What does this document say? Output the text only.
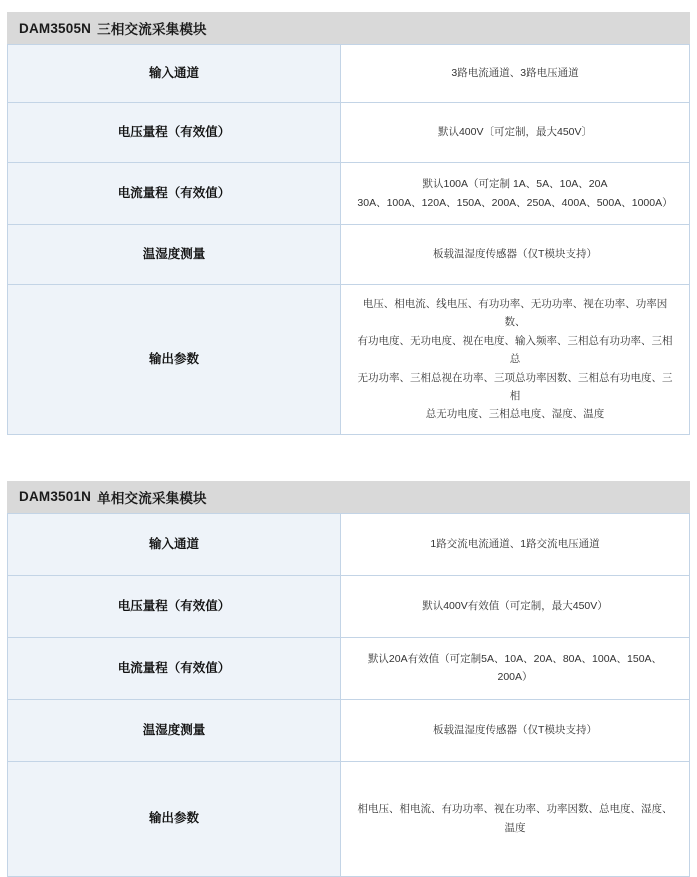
DAM3505N 三相交流采集模块
输入通道	3路电流通道、3路电压通道

电压量程（有效值）	默认400V〔可定制，最大450V〕

电流量程（有效值）	默认100A（可定制 1A、5A、10A、20A
30A、100A、120A、150A、200A、250A、400A、500A、1000A）

温湿度测量	板载温湿度传感器（仅T模块支持）

输出参数	电压、相电流、线电压、有功功率、无功功率、视在功率、功率因数、
有功电度、无功电度、视在电度、输入频率、三相总有功功率、三相总
无功功率、三相总视在功率、三项总功率因数、三相总有功电度、三相
总无功电度、三相总电度、湿度、温度
DAM3501N 单相交流采集模块
输入通道	1路交流电流通道、1路交流电压通道

电压量程（有效值）	默认400V有效值（可定制，最大450V）

电流量程（有效值）	默认20A有效值（可定制5A、10A、20A、80A、100A、150A、200A）

温湿度测量	板载温湿度传感器（仅T模块支持）

输出参数	相电压、相电流、有功功率、视在功率、功率因数、总电度、湿度、温度
